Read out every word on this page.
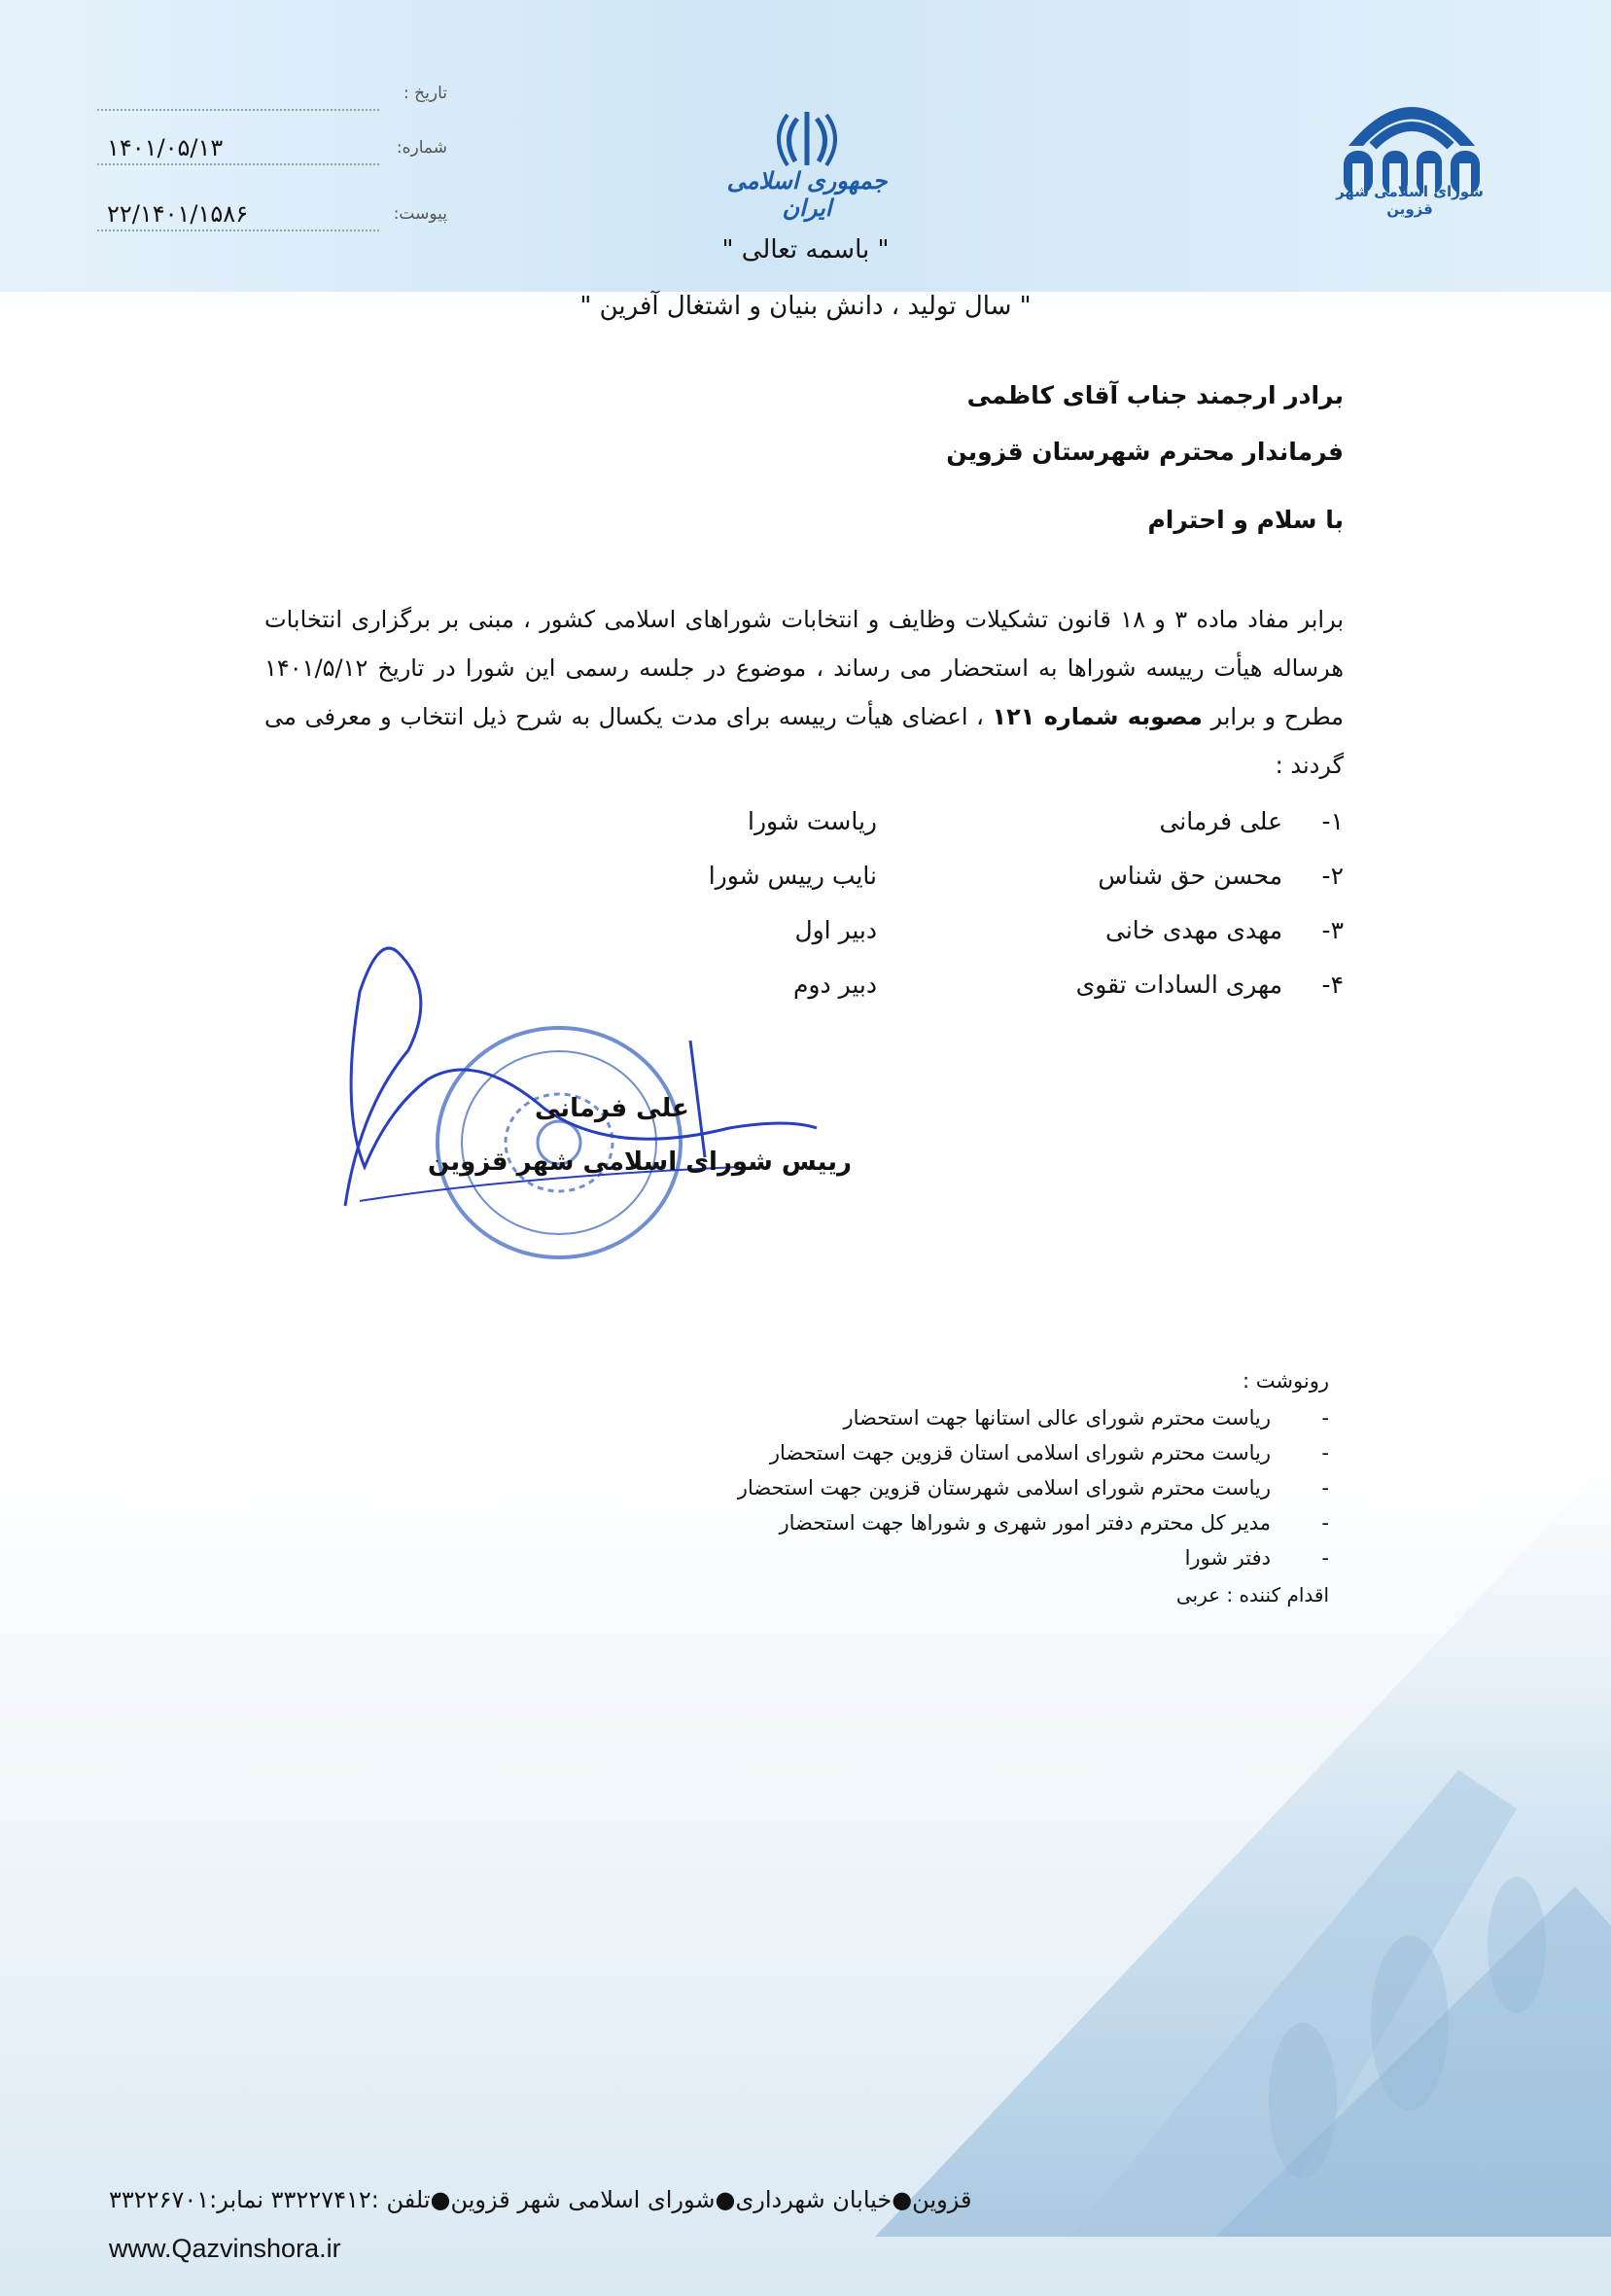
شورای اسلامی شهر قزوین
جمهوری اسلامی ایران
تاریخ :
شماره:
۱۴۰۱/۰۵/۱۳
پیوست:
۲۲/۱۴۰۱/۱۵۸۶
" باسمه تعالی "
" سال تولید ، دانش بنیان و اشتغال آفرین "
برادر ارجمند جناب آقای کاظمی
فرماندار محترم شهرستان قزوین
با سلام و احترام
برابر مفاد ماده ۳ و ۱۸ قانون تشکیلات وظایف و انتخابات شوراهای اسلامی کشور ، مبنی بر برگزاری انتخابات هرساله هیأت رییسه شوراها به استحضار می رساند ، موضوع در جلسه رسمی این شورا در تاریخ ۱۴۰۱/۵/۱۲ مطرح و برابر مصوبه شماره ۱۲۱ ، اعضای هیأت رییسه برای مدت یکسال به شرح ذیل انتخاب و معرفی می گردند :
۱-
علی فرمانی
ریاست شورا
۲-
محسن حق شناس
نایب رییس شورا
۳-
مهدی مهدی خانی
دبیر اول
۴-
مهری السادات تقوی
دبیر دوم
علی فرمانی
رییس شورای اسلامی شهر قزوین
رونوشت :
-
ریاست محترم شورای عالی استانها جهت استحضار
-
ریاست محترم شورای اسلامی استان قزوین جهت استحضار
-
ریاست محترم شورای اسلامی شهرستان قزوین جهت استحضار
-
مدیر کل محترم دفتر امور شهری و شوراها جهت استحضار
-
دفتر شورا
اقدام کننده : عربی
قزوین●خیابان شهرداری●شورای اسلامی شهر قزوین●تلفن :۳۳۲۲۷۴۱۲ نمابر:۳۳۲۲۶۷۰۱
www.Qazvinshora.ir
